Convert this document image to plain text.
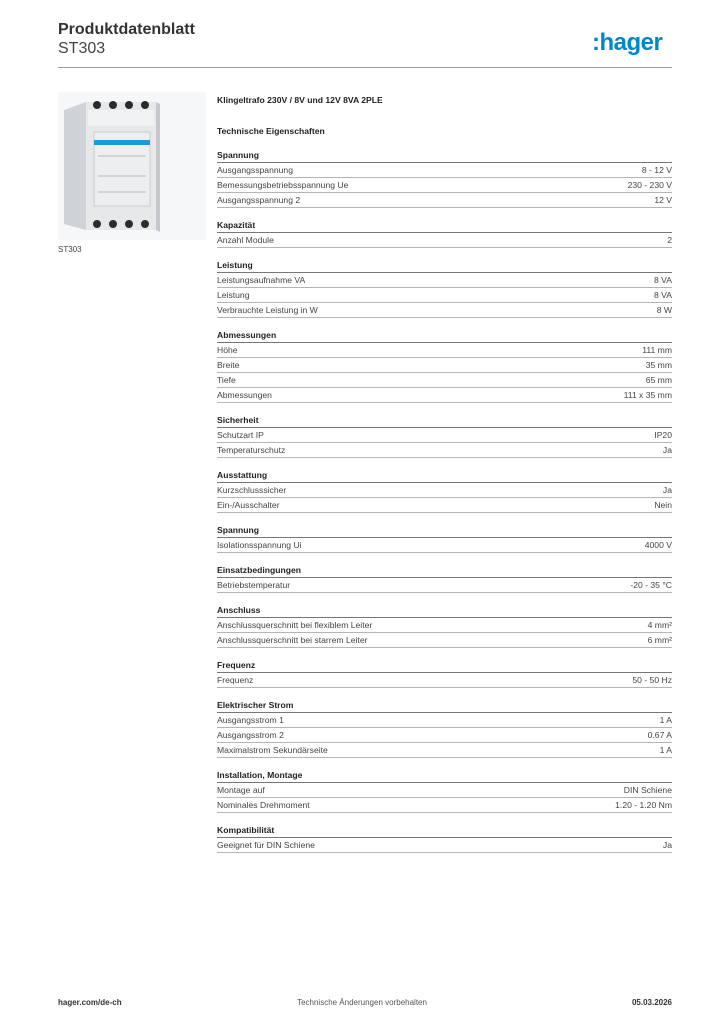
Produktdatenblatt
ST303	:hager
ST303
Klingeltrafo 230V / 8V und 12V 8VA 2PLE
Technische Eigenschaften
Spannung
Ausgangsspannung	8 - 12 V
Bemessungsbetriebsspannung Ue	230 - 230 V
Ausgangsspannung 2	12 V
Kapazität
Anzahl Module	2
Leistung
Leistungsaufnahme VA	8 VA
Leistung	8 VA
Verbrauchte Leistung in W	8 W
Abmessungen
Höhe	111 mm
Breite	35 mm
Tiefe	65 mm
Abmessungen	111 x 35 mm
Sicherheit
Schutzart IP	IP20
Temperaturschutz	Ja
Ausstattung
Kurzschlusssicher	Ja
Ein-/Ausschalter	Nein
Spannung
Isolationsspannung Ui	4000 V
Einsatzbedingungen
Betriebstemperatur	-20 - 35 °C
Anschluss
Anschlussquerschnitt bei flexiblem Leiter	4 mm²
Anschlussquerschnitt bei starrem Leiter	6 mm²
Frequenz
Frequenz	50 - 50 Hz
Elektrischer Strom
Ausgangsstrom 1	1 A
Ausgangsstrom 2	0.67 A
Maximalstrom Sekundärseite	1 A
Installation, Montage
Montage auf	DIN Schiene
Nominales Drehmoment	1.20 - 1.20 Nm
Kompatibilität
Geeignet für DIN Schiene	Ja
hager.com/de-ch	Technische Änderungen vorbehalten	05.03.2026
